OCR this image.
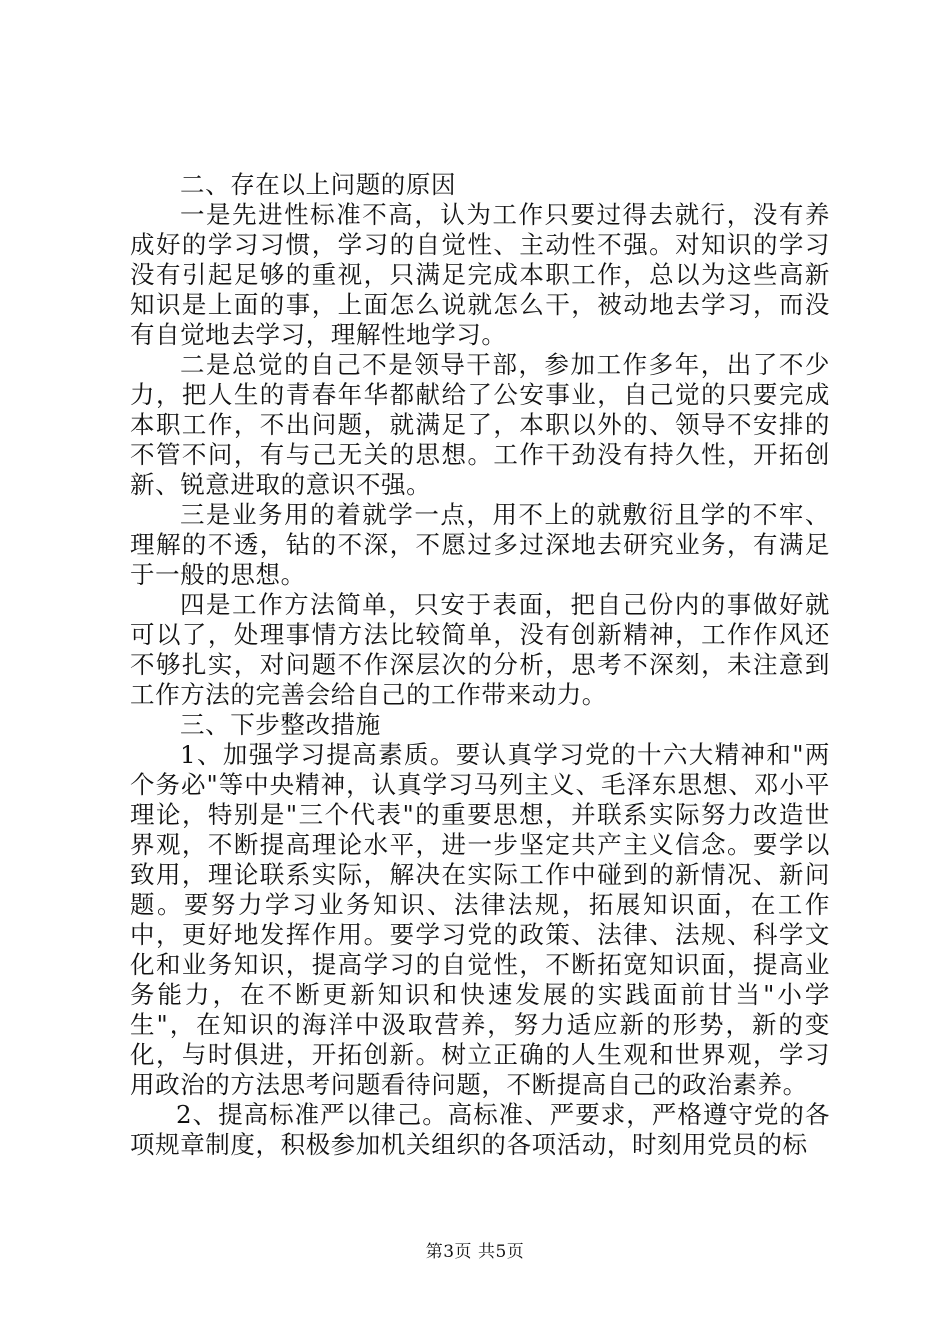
二、存在以上问题的原因

一是先进性标准不高，认为工作只要过得去就行，没有养成好的学习习惯，学习的自觉性、主动性不强。对知识的学习没有引起足够的重视，只满足完成本职工作，总以为这些高新知识是上面的事，上面怎么说就怎么干，被动地去学习，而没有自觉地去学习，理解性地学习。

二是总觉的自己不是领导干部，参加工作多年，出了不少力，把人生的青春年华都献给了公安事业，自己觉的只要完成本职工作，不出问题，就满足了，本职以外的、领导不安排的不管不问，有与己无关的思想。工作干劲没有持久性，开拓创新、锐意进取的意识不强。

三是业务用的着就学一点，用不上的就敷衍且学的不牢、理解的不透，钻的不深，不愿过多过深地去研究业务，有满足于一般的思想。

四是工作方法简单，只安于表面，把自己份内的事做好就可以了，处理事情方法比较简单，没有创新精神，工作作风还不够扎实，对问题不作深层次的分析，思考不深刻，未注意到工作方法的完善会给自己的工作带来动力。

三、下步整改措施

1、加强学习提高素质。要认真学习党的十六大精神和"两个务必"等中央精神，认真学习马列主义、毛泽东思想、邓小平理论，特别是"三个代表"的重要思想，并联系实际努力改造世界观，不断提高理论水平，进一步坚定共产主义信念。要学以致用，理论联系实际，解决在实际工作中碰到的新情况、新问题。要努力学习业务知识、法律法规，拓展知识面，在工作中，更好地发挥作用。要学习党的政策、法律、法规、科学文化和业务知识，提高学习的自觉性，不断拓宽知识面，提高业务能力，在不断更新知识和快速发展的实践面前甘当"小学生"，在知识的海洋中汲取营养，努力适应新的形势，新的变化，与时俱进，开拓创新。树立正确的人生观和世界观，学习用政治的方法思考问题看待问题，不断提高自己的政治素养。

2、提高标准严以律己。高标准、严要求，严格遵守党的各项规章制度，积极参加机关组织的各项活动，时刻用党员的标

第3页 共5页
